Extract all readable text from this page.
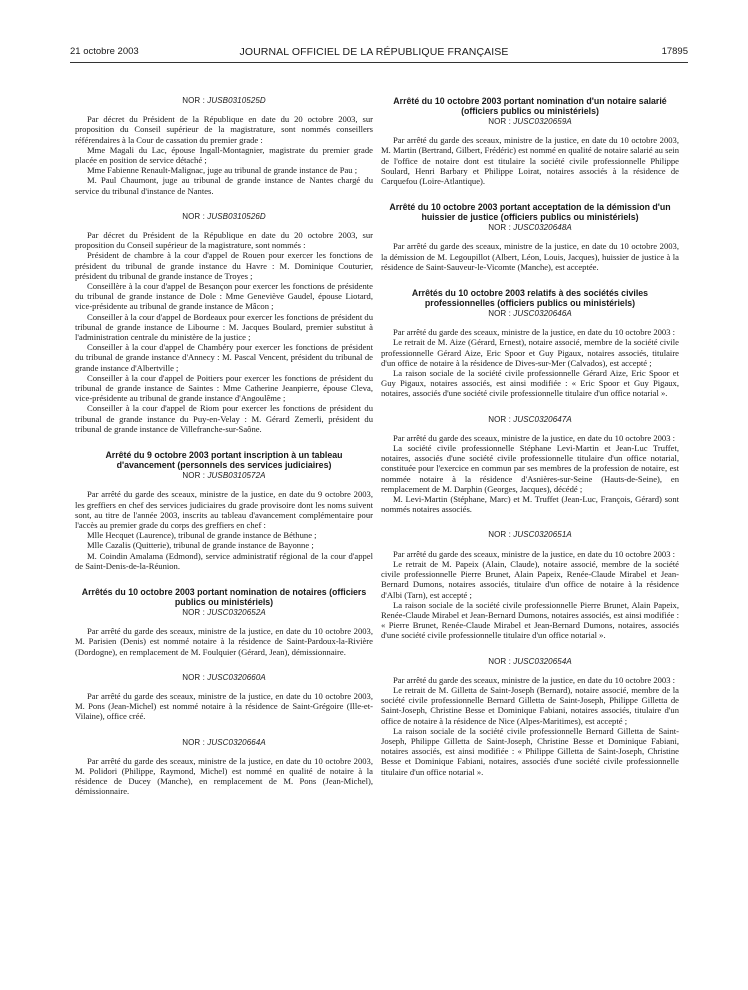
21 octobre 2003	JOURNAL OFFICIEL DE LA RÉPUBLIQUE FRANÇAISE	17895
NOR : JUSB0310525D

Par décret du Président de la République en date du 20 octobre 2003, sur proposition du Conseil supérieur de la magistrature, sont nommés conseillers référendaires à la Cour de cassation du premier grade :

Mme Magali du Lac, épouse Ingall-Montagnier, magistrate du premier grade placée en position de service détaché ;

Mme Fabienne Renault-Malignac, juge au tribunal de grande instance de Pau ;

M. Paul Chaumont, juge au tribunal de grande instance de Nantes chargé du service du tribunal d'instance de Nantes.

NOR : JUSB0310526D

Par décret du Président de la République en date du 20 octobre 2003, sur proposition du Conseil supérieur de la magistrature, sont nommés :

Président de chambre à la cour d'appel de Rouen pour exercer les fonctions de président du tribunal de grande instance du Havre : M. Dominique Couturier, président du tribunal de grande instance de Troyes ;

Conseillère à la cour d'appel de Besançon pour exercer les fonctions de présidente du tribunal de grande instance de Dole : Mme Geneviève Gaudel, épouse Liotard, vice-présidente au tribunal de grande instance de Mâcon ;

Conseiller à la cour d'appel de Bordeaux pour exercer les fonctions de président du tribunal de grande instance de Libourne : M. Jacques Boulard, premier substitut à l'administration centrale du ministère de la justice ;

Conseiller à la cour d'appel de Chambéry pour exercer les fonctions de président du tribunal de grande instance d'Annecy : M. Pascal Vencent, président du tribunal de grande instance d'Albertville ;

Conseiller à la cour d'appel de Poitiers pour exercer les fonctions de président du tribunal de grande instance de Saintes : Mme Catherine Jeanpierre, épouse Cleva, vice-présidente au tribunal de grande instance d'Angoulême ;

Conseiller à la cour d'appel de Riom pour exercer les fonctions de président du tribunal de grande instance du Puy-en-Velay : M. Gérard Zemerli, président du tribunal de grande instance de Villefranche-sur-Saône.

Arrêté du 9 octobre 2003 portant inscription à un tableau d'avancement (personnels des services judiciaires)
NOR : JUSB0310572A

Par arrêté du garde des sceaux, ministre de la justice, en date du 9 octobre 2003, les greffiers en chef des services judiciaires du grade provisoire dont les noms suivent sont, au titre de l'année 2003, inscrits au tableau d'avancement complémentaire pour l'accès au premier grade du corps des greffiers en chef :

Mlle Hecquet (Laurence), tribunal de grande instance de Béthune ;

Mlle Cazalis (Quitterie), tribunal de grande instance de Bayonne ;

M. Coindin Amalama (Edmond), service administratif régional de la cour d'appel de Saint-Denis-de-la-Réunion.

Arrêtés du 10 octobre 2003 portant nomination de notaires (officiers publics ou ministériels)
NOR : JUSC0320652A

Par arrêté du garde des sceaux, ministre de la justice, en date du 10 octobre 2003, M. Parisien (Denis) est nommé notaire à la résidence de Saint-Pardoux-la-Rivière (Dordogne), en remplacement de M. Foulquier (Gérard, Jean), démissionnaire.

NOR : JUSC0320660A

Par arrêté du garde des sceaux, ministre de la justice, en date du 10 octobre 2003, M. Pons (Jean-Michel) est nommé notaire à la résidence de Saint-Grégoire (Ille-et-Vilaine), office créé.

NOR : JUSC0320664A

Par arrêté du garde des sceaux, ministre de la justice, en date du 10 octobre 2003, M. Polidori (Philippe, Raymond, Michel) est nommé en qualité de notaire à la résidence de Ducey (Manche), en remplacement de M. Pons (Jean-Michel), démissionnaire.

Arrêté du 10 octobre 2003 portant nomination d'un notaire salarié (officiers publics ou ministériels)
NOR : JUSC0320659A

Par arrêté du garde des sceaux, ministre de la justice, en date du 10 octobre 2003, M. Martin (Bertrand, Gilbert, Frédéric) est nommé en qualité de notaire salarié au sein de l'office de notaire dont est titulaire la société civile professionnelle Philippe Soulard, Henri Barbary et Philippe Loirat, notaires associés à la résidence de Carquefou (Loire-Atlantique).

Arrêté du 10 octobre 2003 portant acceptation de la démission d'un huissier de justice (officiers publics ou ministériels)
NOR : JUSC0320648A

Par arrêté du garde des sceaux, ministre de la justice, en date du 10 octobre 2003, la démission de M. Legoupillot (Albert, Léon, Louis, Jacques), huissier de justice à la résidence de Saint-Sauveur-le-Vicomte (Manche), est acceptée.

Arrêtés du 10 octobre 2003 relatifs à des sociétés civiles professionnelles (officiers publics ou ministériels)
NOR : JUSC0320646A

Par arrêté du garde des sceaux, ministre de la justice, en date du 10 octobre 2003 :

Le retrait de M. Aize (Gérard, Ernest), notaire associé, membre de la société civile professionnelle Gérard Aize, Eric Spoor et Guy Pigaux, notaires associés, titulaire d'un office de notaire à la résidence de Dives-sur-Mer (Calvados), est accepté ;

La raison sociale de la société civile professionnelle Gérard Aize, Eric Spoor et Guy Pigaux, notaires associés, est ainsi modifiée : « Eric Spoor et Guy Pigaux, notaires, associés d'une société civile professionnelle titulaire d'un office notarial ».

NOR : JUSC0320647A

Par arrêté du garde des sceaux, ministre de la justice, en date du 10 octobre 2003 :

La société civile professionnelle Stéphane Levi-Martin et Jean-Luc Truffet, notaires, associés d'une société civile professionnelle titulaire d'un office notarial, constituée pour l'exercice en commun par ses membres de la profession de notaire, est nommée notaire à la résidence d'Asnières-sur-Seine (Hauts-de-Seine), en remplacement de M. Darphin (Georges, Jacques), décédé ;

M. Levi-Martin (Stéphane, Marc) et M. Truffet (Jean-Luc, François, Gérard) sont nommés notaires associés.

NOR : JUSC0320651A

Par arrêté du garde des sceaux, ministre de la justice, en date du 10 octobre 2003 :

Le retrait de M. Papeix (Alain, Claude), notaire associé, membre de la société civile professionnelle Pierre Brunet, Alain Papeix, Renée-Claude Mirabel et Jean-Bernard Dumons, notaires associés, titulaire d'un office de notaire à la résidence d'Albi (Tarn), est accepté ;

La raison sociale de la société civile professionnelle Pierre Brunet, Alain Papeix, Renée-Claude Mirabel et Jean-Bernard Dumons, notaires associés, est ainsi modifiée : « Pierre Brunet, Renée-Claude Mirabel et Jean-Bernard Dumons, notaires, associés d'une société civile professionnelle titulaire d'un office notarial ».

NOR : JUSC0320654A

Par arrêté du garde des sceaux, ministre de la justice, en date du 10 octobre 2003 :

Le retrait de M. Gilletta de Saint-Joseph (Bernard), notaire associé, membre de la société civile professionnelle Bernard Gilletta de Saint-Joseph, Philippe Gilletta de Saint-Joseph, Christine Besse et Dominique Fabiani, notaires associés, titulaire d'un office de notaire à la résidence de Nice (Alpes-Maritimes), est accepté ;

La raison sociale de la société civile professionnelle Bernard Gilletta de Saint-Joseph, Philippe Gilletta de Saint-Joseph, Christine Besse et Dominique Fabiani, notaires associés, est ainsi modifiée : « Philippe Gilletta de Saint-Joseph, Christine Besse et Dominique Fabiani, notaires, associés d'une société civile professionnelle titulaire d'un office notarial ».
